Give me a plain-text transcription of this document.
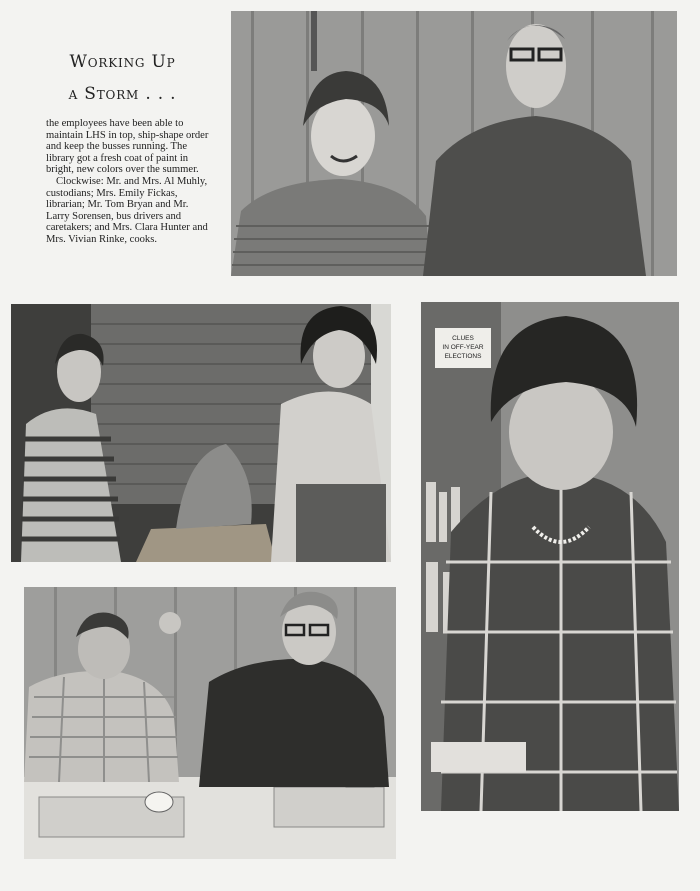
Working Up
a Storm . . .

the employees have been able to maintain LHS in top, ship-shape order and keep the busses running. The library got a fresh coat of paint in bright, new colors over the summer.

Clockwise: Mr. and Mrs. Al Muhly, custodians; Mrs. Emily Fickas, librarian; Mr. Tom Bryan and Mr. Larry Sorensen, bus drivers and caretakers; and Mrs. Clara Hunter and Mrs. Vivian Rinke, cooks.

CLUES
IN OFF-YEAR
ELECTIONS
